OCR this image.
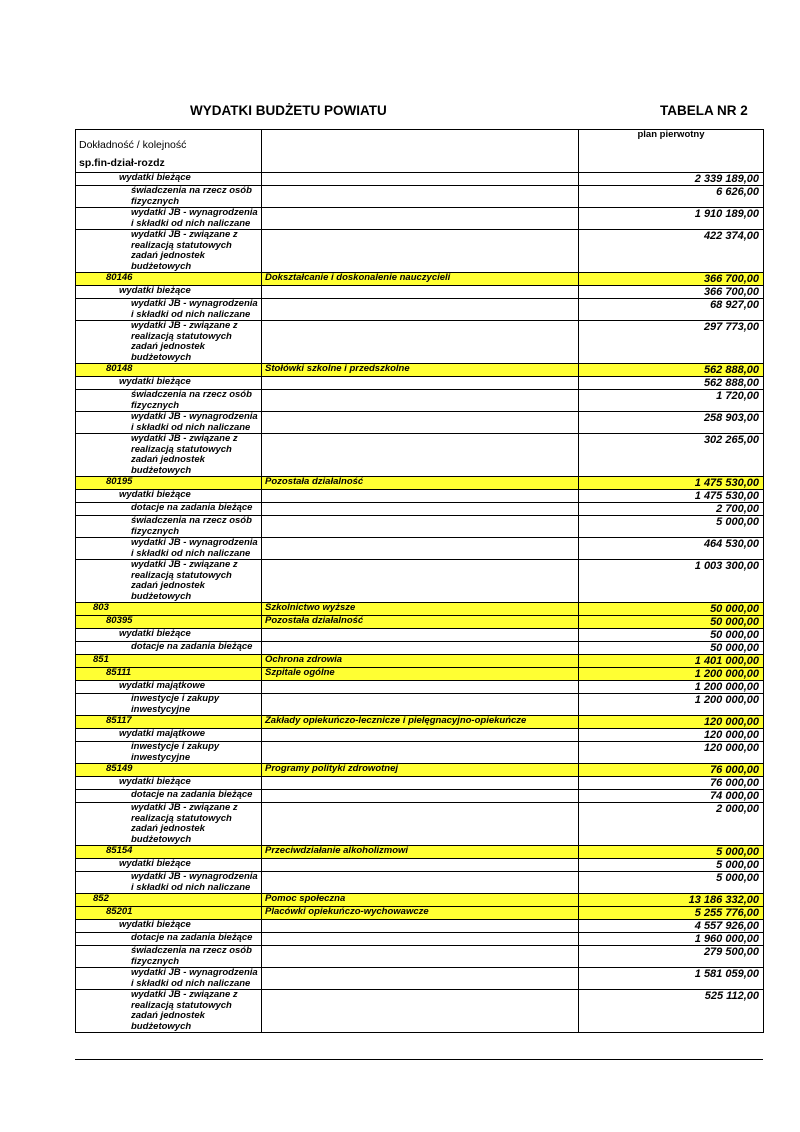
WYDATKI BUDŻETU POWIATU	TABELA NR 2
Dokładność / kolejność
sp.fin-dział-rozdz		plan pierwotny

wydatki bieżące		2 339 189,00

świadczenia na rzecz osób fizycznych		6 626,00

wydatki JB - wynagrodzenia i składki od nich naliczane		1 910 189,00

wydatki JB - związane z realizacją statutowych zadań jednostek budżetowych		422 374,00

80146	Dokształcanie i doskonalenie nauczycieli	366 700,00

wydatki bieżące		366 700,00

wydatki JB - wynagrodzenia i składki od nich naliczane		68 927,00

wydatki JB - związane z realizacją statutowych zadań jednostek budżetowych		297 773,00

80148	Stołówki szkolne i przedszkolne	562 888,00

wydatki bieżące		562 888,00

świadczenia na rzecz osób fizycznych		1 720,00

wydatki JB - wynagrodzenia i składki od nich naliczane		258 903,00

wydatki JB - związane z realizacją statutowych zadań jednostek budżetowych		302 265,00

80195	Pozostała działalność	1 475 530,00

wydatki bieżące		1 475 530,00

dotacje na zadania bieżące		2 700,00

świadczenia na rzecz osób fizycznych		5 000,00

wydatki JB - wynagrodzenia i składki od nich naliczane		464 530,00

wydatki JB - związane z realizacją statutowych zadań jednostek budżetowych		1 003 300,00

803	Szkolnictwo wyższe	50 000,00

80395	Pozostała działalność	50 000,00

wydatki bieżące		50 000,00

dotacje na zadania bieżące		50 000,00

851	Ochrona zdrowia	1 401 000,00

85111	Szpitale ogólne	1 200 000,00

wydatki majątkowe		1 200 000,00

inwestycje i zakupy inwestycyjne		1 200 000,00

85117	Zakłady opiekuńczo-lecznicze i pielęgnacyjno-opiekuńcze	120 000,00

wydatki majątkowe		120 000,00

inwestycje i zakupy inwestycyjne		120 000,00

85149	Programy polityki zdrowotnej	76 000,00

wydatki bieżące		76 000,00

dotacje na zadania bieżące		74 000,00

wydatki JB - związane z realizacją statutowych zadań jednostek budżetowych		2 000,00

85154	Przeciwdziałanie alkoholizmowi	5 000,00

wydatki bieżące		5 000,00

wydatki JB - wynagrodzenia i składki od nich naliczane		5 000,00

852	Pomoc społeczna	13 186 332,00

85201	Placówki opiekuńczo-wychowawcze	5 255 776,00

wydatki bieżące		4 557 926,00

dotacje na zadania bieżące		1 960 000,00

świadczenia na rzecz osób fizycznych		279 500,00

wydatki JB - wynagrodzenia i składki od nich naliczane		1 581 059,00

wydatki JB - związane z realizacją statutowych zadań jednostek budżetowych		525 112,00
